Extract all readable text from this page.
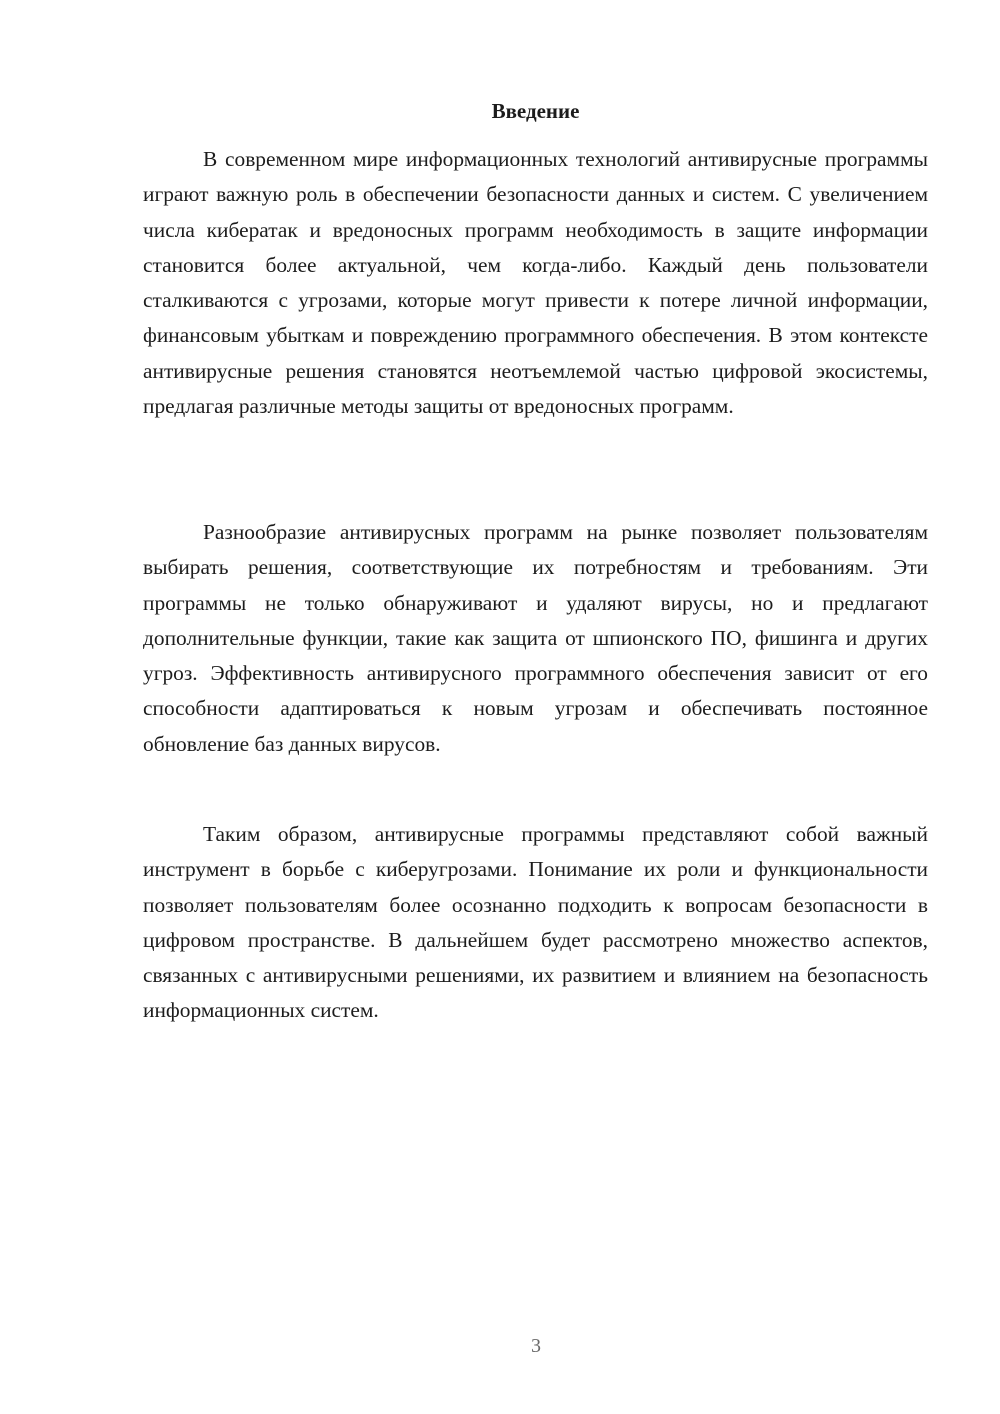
Введение

В современном мире информационных технологий антивирусные программы играют важную роль в обеспечении безопасности данных и систем. С увеличением числа кибератак и вредоносных программ необходимость в защите информации становится более актуальной, чем когда-либо. Каждый день пользователи сталкиваются с угрозами, которые могут привести к потере личной информации, финансовым убыткам и повреждению программного обеспечения. В этом контексте антивирусные решения становятся неотъемлемой частью цифровой экосистемы, предлагая различные методы защиты от вредоносных программ.

Разнообразие антивирусных программ на рынке позволяет пользователям выбирать решения, соответствующие их потребностям и требованиям. Эти программы не только обнаруживают и удаляют вирусы, но и предлагают дополнительные функции, такие как защита от шпионского ПО, фишинга и других угроз. Эффективность антивирусного программного обеспечения зависит от его способности адаптироваться к новым угрозам и обеспечивать постоянное обновление баз данных вирусов.

Таким образом, антивирусные программы представляют собой важный инструмент в борьбе с киберугрозами. Понимание их роли и функциональности позволяет пользователям более осознанно подходить к вопросам безопасности в цифровом пространстве. В дальнейшем будет рассмотрено множество аспектов, связанных с антивирусными решениями, их развитием и влиянием на безопасность информационных систем.

3
